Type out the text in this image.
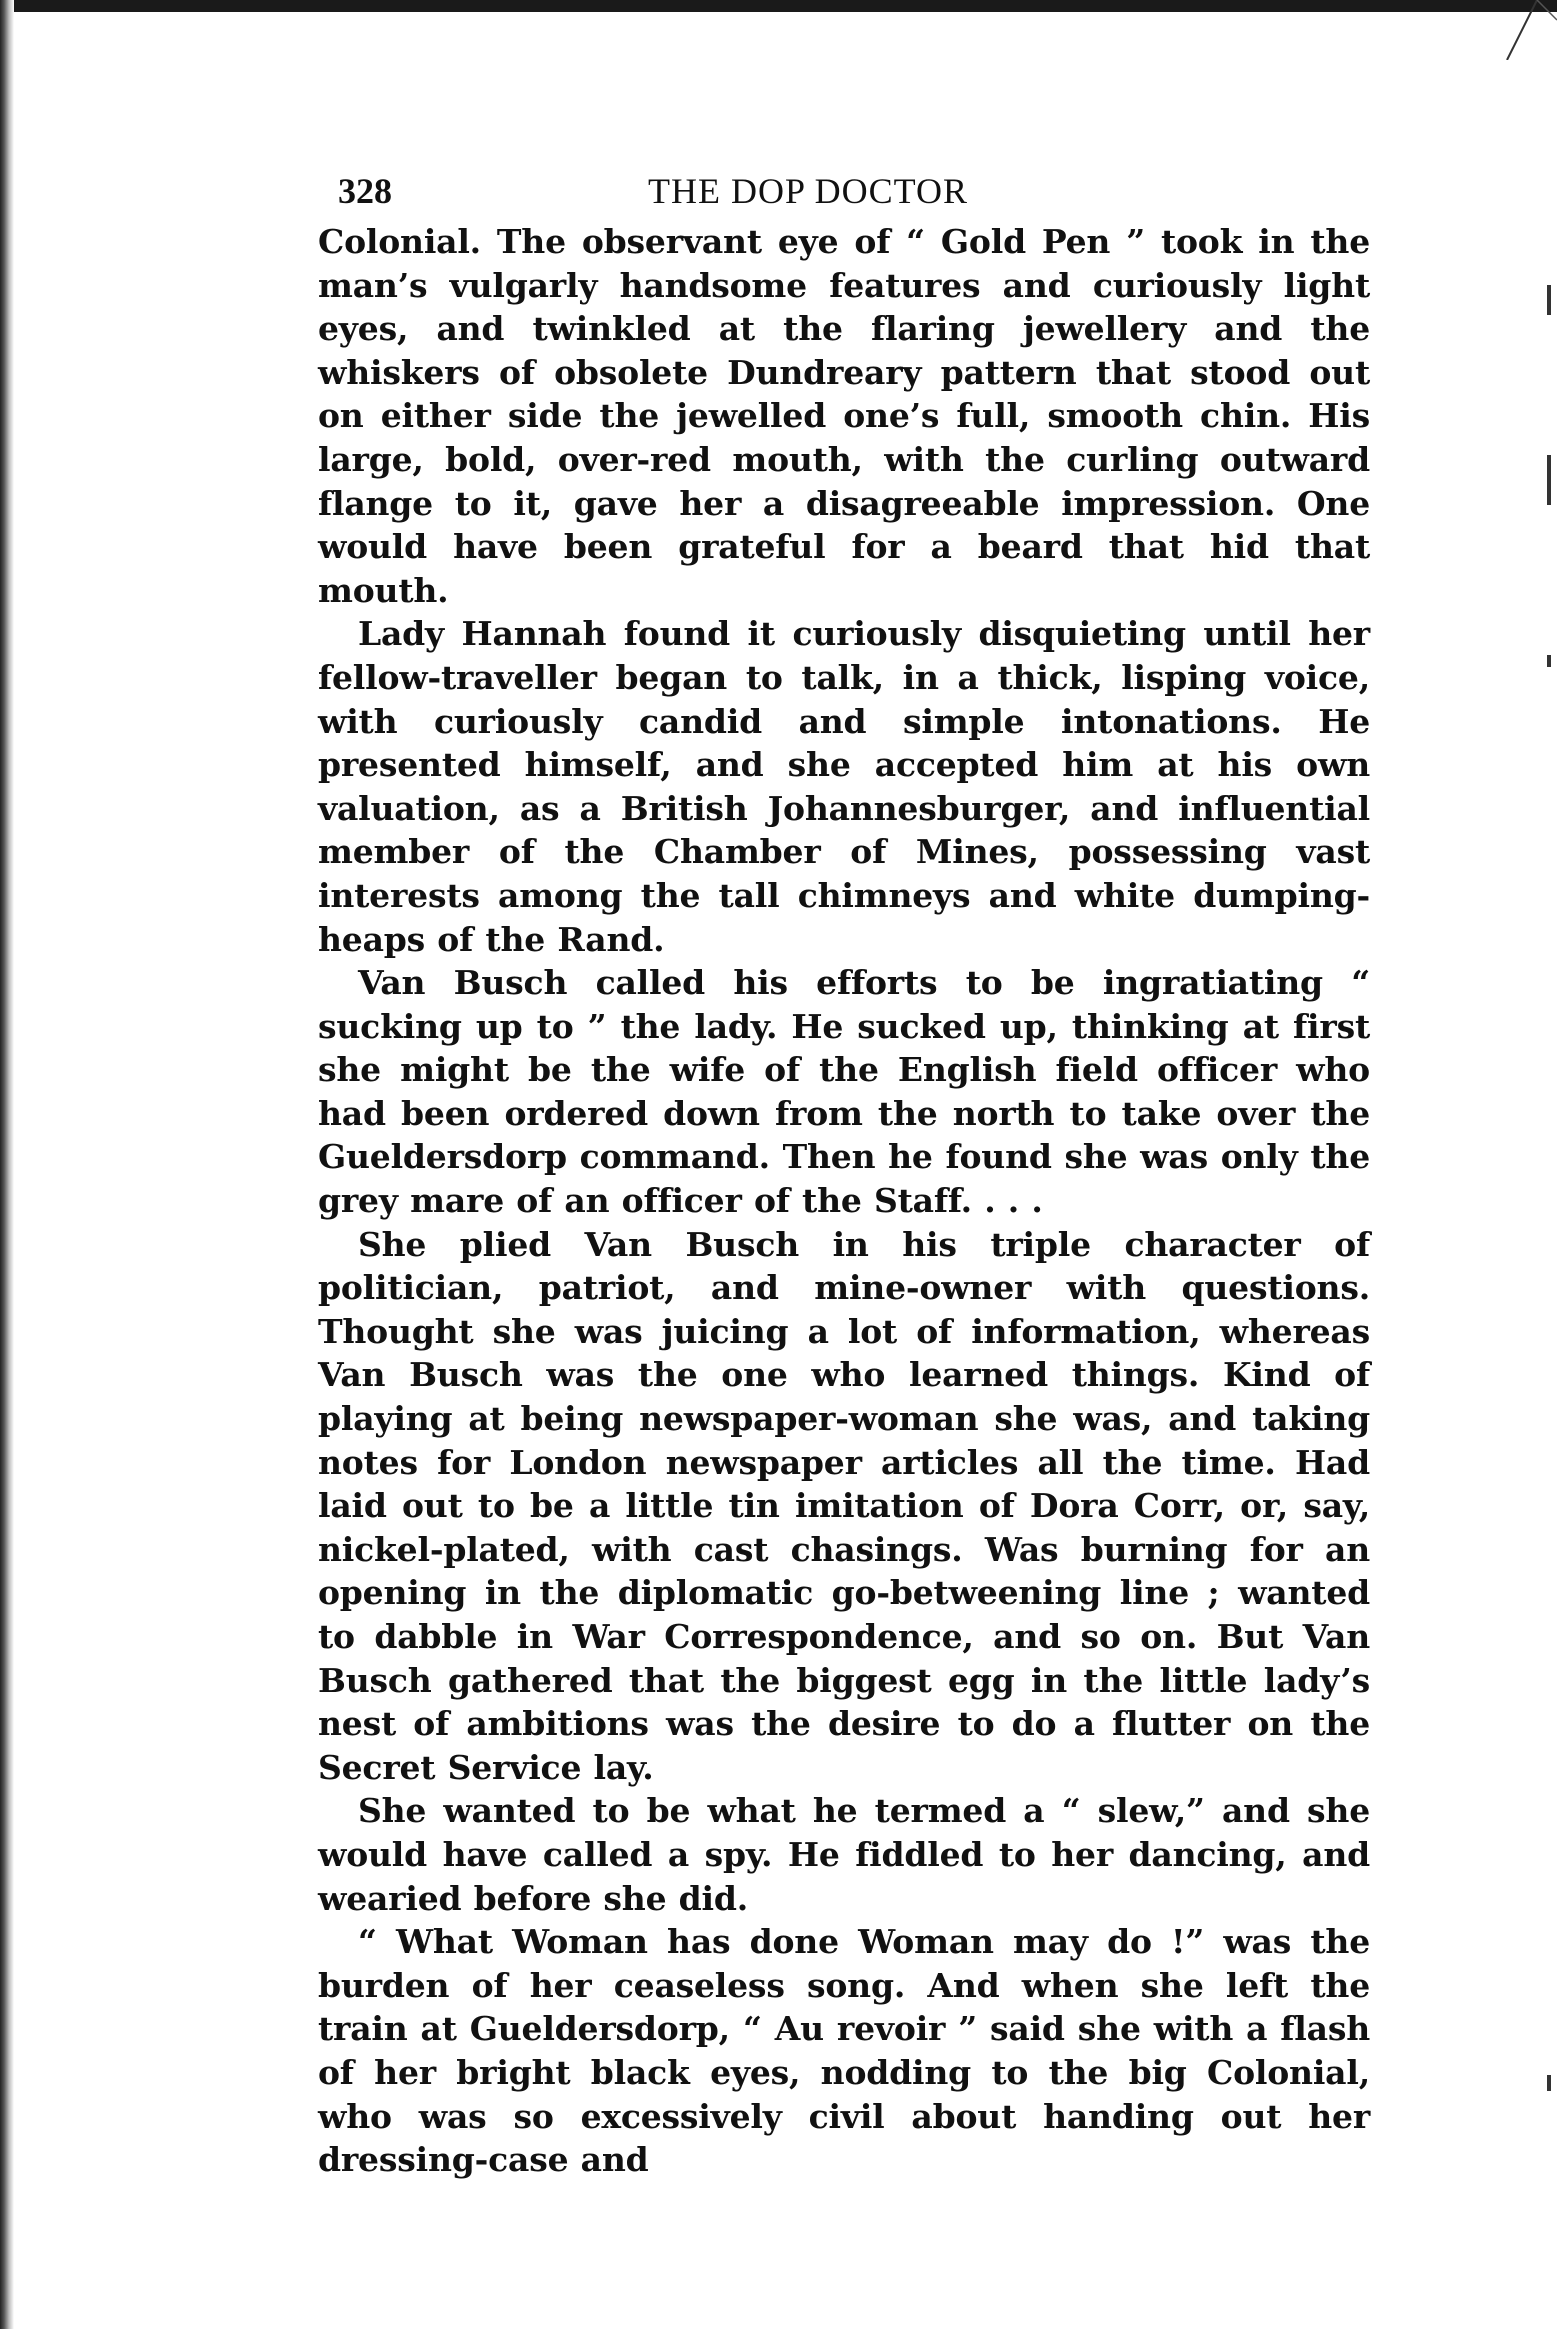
328	THE DOP DOCTOR

Colonial. The observant eye of “ Gold Pen ” took in the man’s vulgarly handsome features and curiously light eyes, and twinkled at the flaring jewellery and the whiskers of obsolete Dundreary pattern that stood out on either side the jewelled one’s full, smooth chin. His large, bold, over-red mouth, with the curling outward flange to it, gave her a disagreeable impression. One would have been grateful for a beard that hid that mouth.

Lady Hannah found it curiously disquieting until her fellow-traveller began to talk, in a thick, lisping voice, with curiously candid and simple intonations. He presented himself, and she accepted him at his own valuation, as a British Johannesburger, and influential member of the Chamber of Mines, possessing vast interests among the tall chimneys and white dumping-heaps of the Rand.

Van Busch called his efforts to be ingratiating “ sucking up to ” the lady. He sucked up, thinking at first she might be the wife of the English field officer who had been ordered down from the north to take over the Gueldersdorp command. Then he found she was only the grey mare of an officer of the Staff. . . .

She plied Van Busch in his triple character of politician, patriot, and mine-owner with questions. Thought she was juicing a lot of information, whereas Van Busch was the one who learned things. Kind of playing at being newspaper-woman she was, and taking notes for London newspaper articles all the time. Had laid out to be a little tin imitation of Dora Corr, or, say, nickel-plated, with cast chasings. Was burning for an opening in the diplomatic go-betweening line ; wanted to dabble in War Correspondence, and so on. But Van Busch gathered that the biggest egg in the little lady’s nest of ambitions was the desire to do a flutter on the Secret Service lay.

She wanted to be what he termed a “ slew,” and she would have called a spy. He fiddled to her dancing, and wearied before she did.

“ What Woman has done Woman may do !” was the burden of her ceaseless song. And when she left the train at Gueldersdorp, “ Au revoir ” said she with a flash of her bright black eyes, nodding to the big Colonial, who was so excessively civil about handing out her dressing-case and
